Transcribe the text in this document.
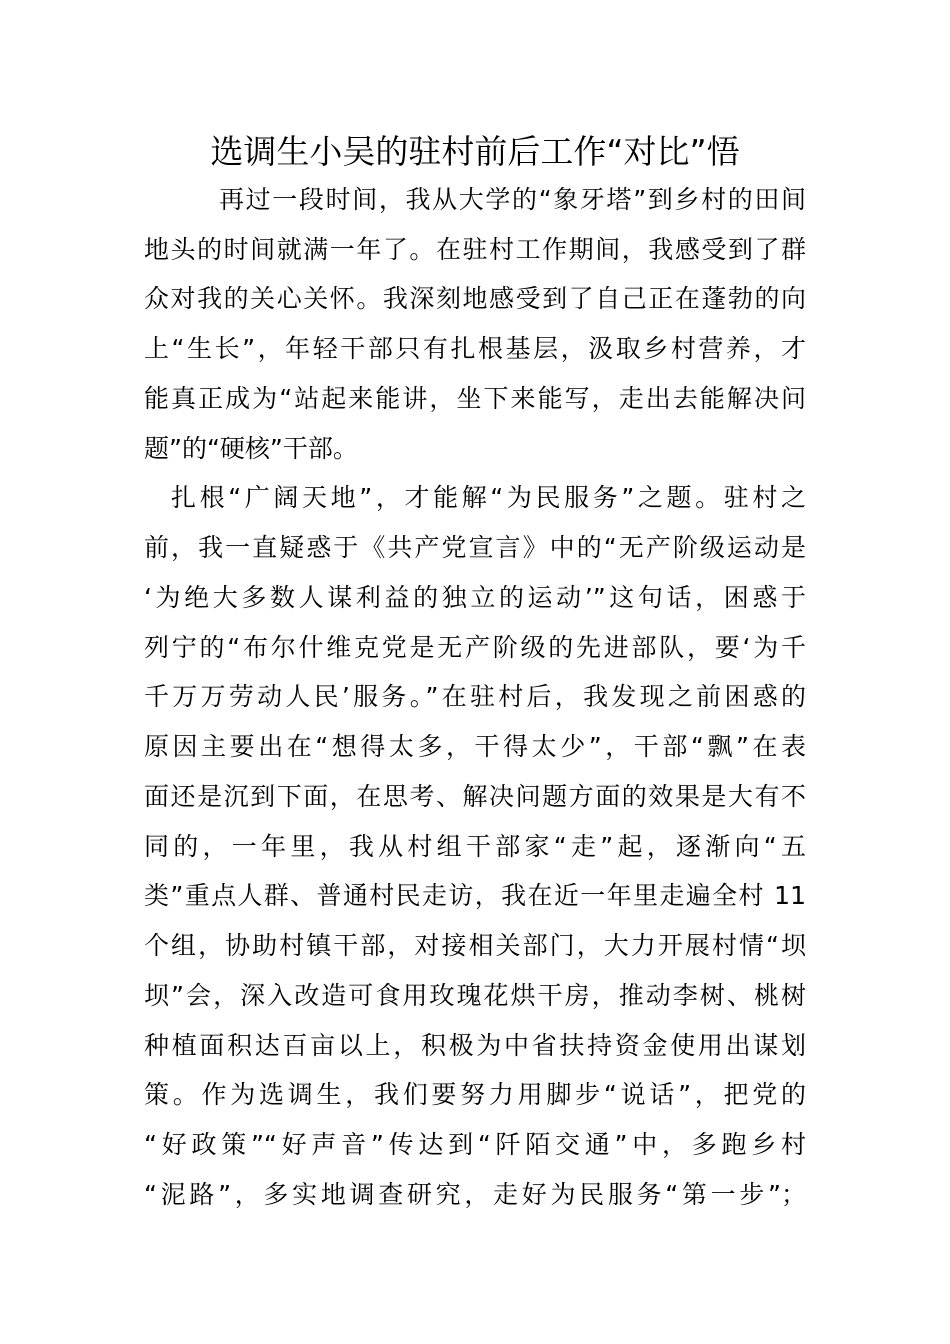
选调生小吴的驻村前后工作“对比”悟
再过一段时间，我从大学的“象牙塔”到乡村的田间
地头的时间就满一年了。在驻村工作期间，我感受到了群
众对我的关心关怀。我深刻地感受到了自己正在蓬勃的向
上“生长”，年轻干部只有扎根基层，汲取乡村营养，才
能真正成为“站起来能讲，坐下来能写，走出去能解决问
题”的“硬核”干部。
扎根“广阔天地”，才能解“为民服务”之题。驻村之
前，我一直疑惑于《共产党宣言》中的“无产阶级运动是
‘为绝大多数人谋利益的独立的运动’”这句话，困惑于
列宁的“布尔什维克党是无产阶级的先进部队，要‘为千
千万万劳动人民’服务。”在驻村后，我发现之前困惑的
原因主要出在“想得太多，干得太少”，干部“飘”在表
面还是沉到下面，在思考、解决问题方面的效果是大有不
同的，一年里，我从村组干部家“走”起，逐渐向“五
类”重点人群、普通村民走访，我在近一年里走遍全村 11
个组，协助村镇干部，对接相关部门，大力开展村情“坝
坝”会，深入改造可食用玫瑰花烘干房，推动李树、桃树
种植面积达百亩以上，积极为中省扶持资金使用出谋划
策。作为选调生，我们要努力用脚步“说话”，把党的
“好政策”“好声音”传达到“阡陌交通”中，多跑乡村
“泥路”，多实地调查研究，走好为民服务“第一步”；
